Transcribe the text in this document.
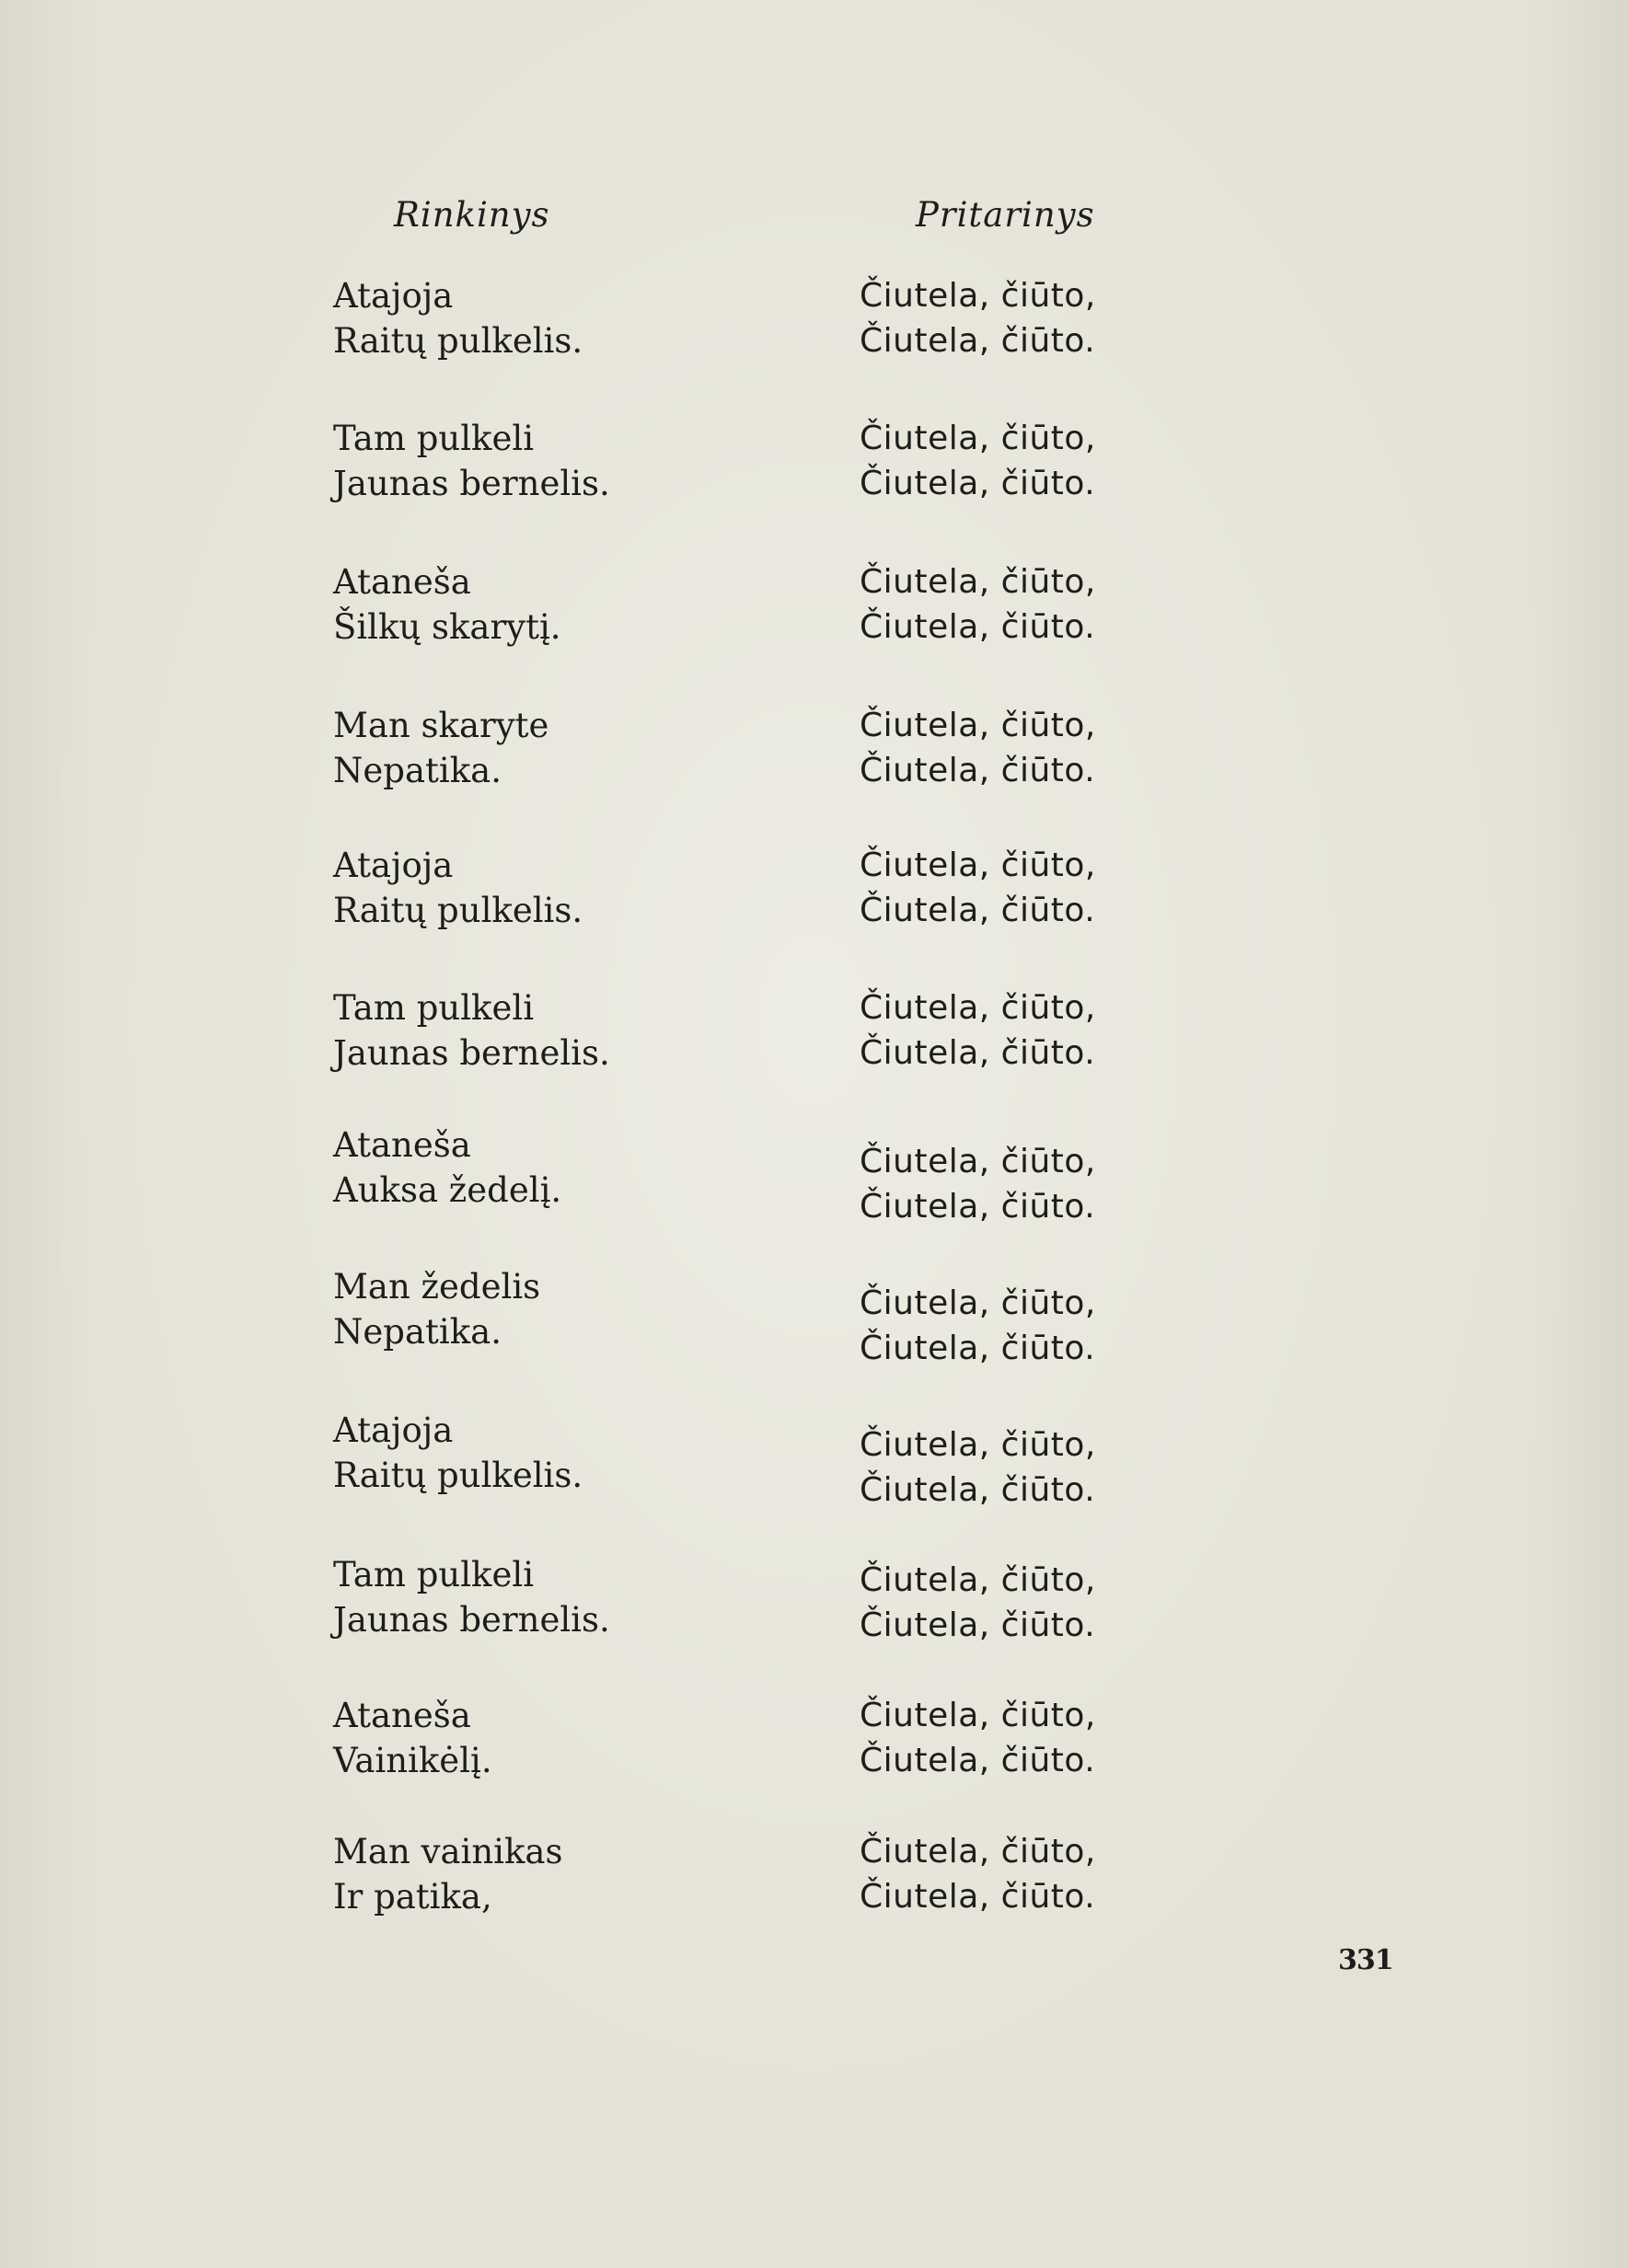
Rinkinys	Pritarinys
Atajoja
Raitų pulkelis.
Čiutela, čiūto,
Čiutela, čiūto.
Tam pulkeli
Jaunas bernelis.
Čiutela, čiūto,
Čiutela, čiūto.
Ataneša
Šilkų skarytį.
Čiutela, čiūto,
Čiutela, čiūto.
Man skaryte
Nepatika.
Čiutela, čiūto,
Čiutela, čiūto.
Atajoja
Raitų pulkelis.
Čiutela, čiūto,
Čiutela, čiūto.
Tam pulkeli
Jaunas bernelis.
Čiutela, čiūto,
Čiutela, čiūto.
Ataneša
Auksa žedelį.
Čiutela, čiūto,
Čiutela, čiūto.
Man žedelis
Nepatika.
Čiutela, čiūto,
Čiutela, čiūto.
Atajoja
Raitų pulkelis.
Čiutela, čiūto,
Čiutela, čiūto.
Tam pulkeli
Jaunas bernelis.
Čiutela, čiūto,
Čiutela, čiūto.
Ataneša
Vainikėlį.
Čiutela, čiūto,
Čiutela, čiūto.
Man vainikas
Ir patika,
Čiutela, čiūto,
Čiutela, čiūto.
331
